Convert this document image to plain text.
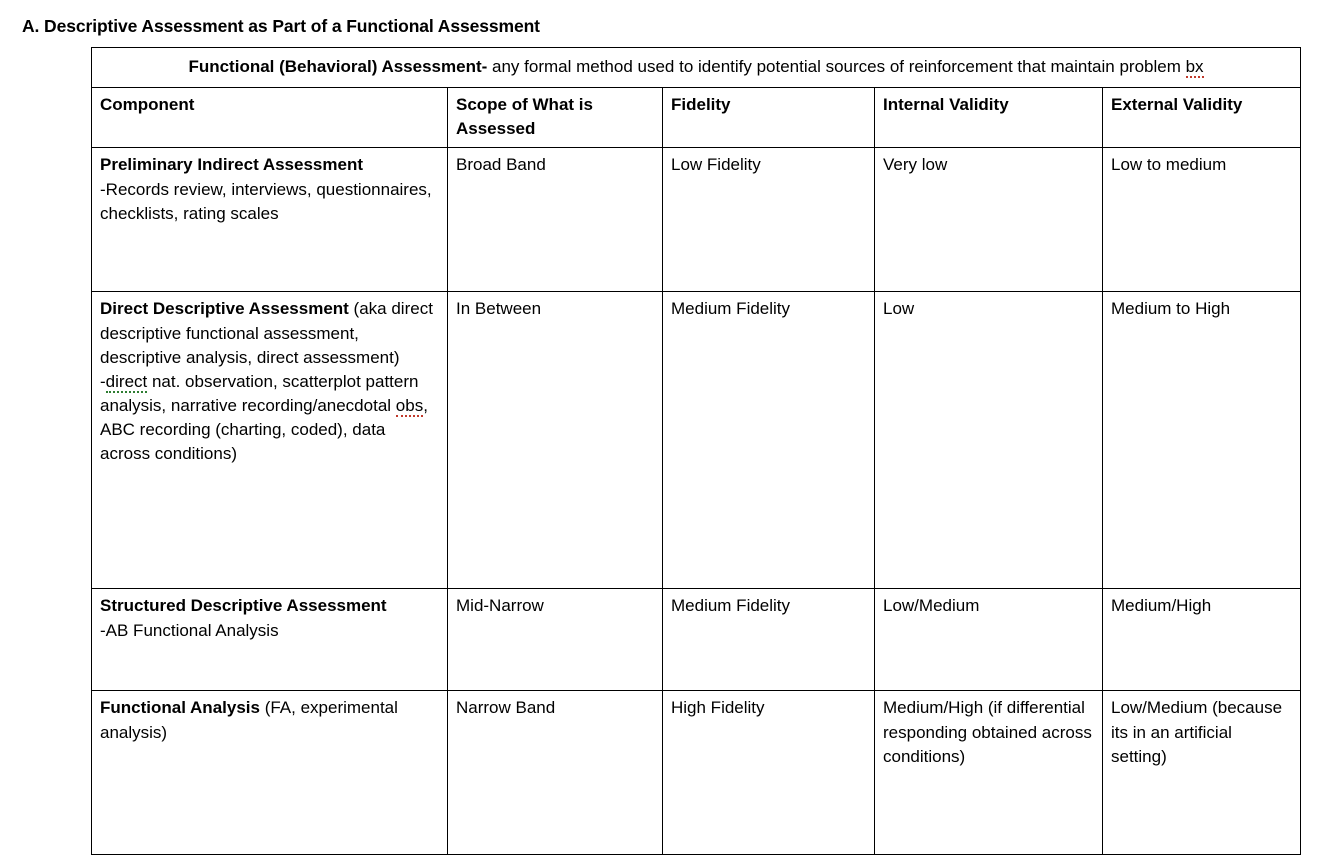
A. Descriptive Assessment as Part of a Functional Assessment
Functional (Behavioral) Assessment- any formal method used to identify potential sources of reinforcement that maintain problem bx				
Component	Scope of What is Assessed	Fidelity	Internal Validity	External Validity
Preliminary Indirect Assessment
-Records review, interviews, questionnaires, checklists, rating scales	Broad Band	Low Fidelity	Very low	Low to medium
Direct Descriptive Assessment (aka direct descriptive functional assessment, descriptive analysis, direct assessment)
-direct nat. observation, scatterplot pattern analysis, narrative recording/anecdotal obs, ABC recording (charting, coded), data across conditions)	In Between	Medium Fidelity	Low	Medium to High
Structured Descriptive Assessment
-AB Functional Analysis	Mid-Narrow	Medium Fidelity	Low/Medium	Medium/High
Functional Analysis (FA, experimental analysis)	Narrow Band	High Fidelity	Medium/High (if differential responding obtained across conditions)	Low/Medium (because its in an artificial setting)
